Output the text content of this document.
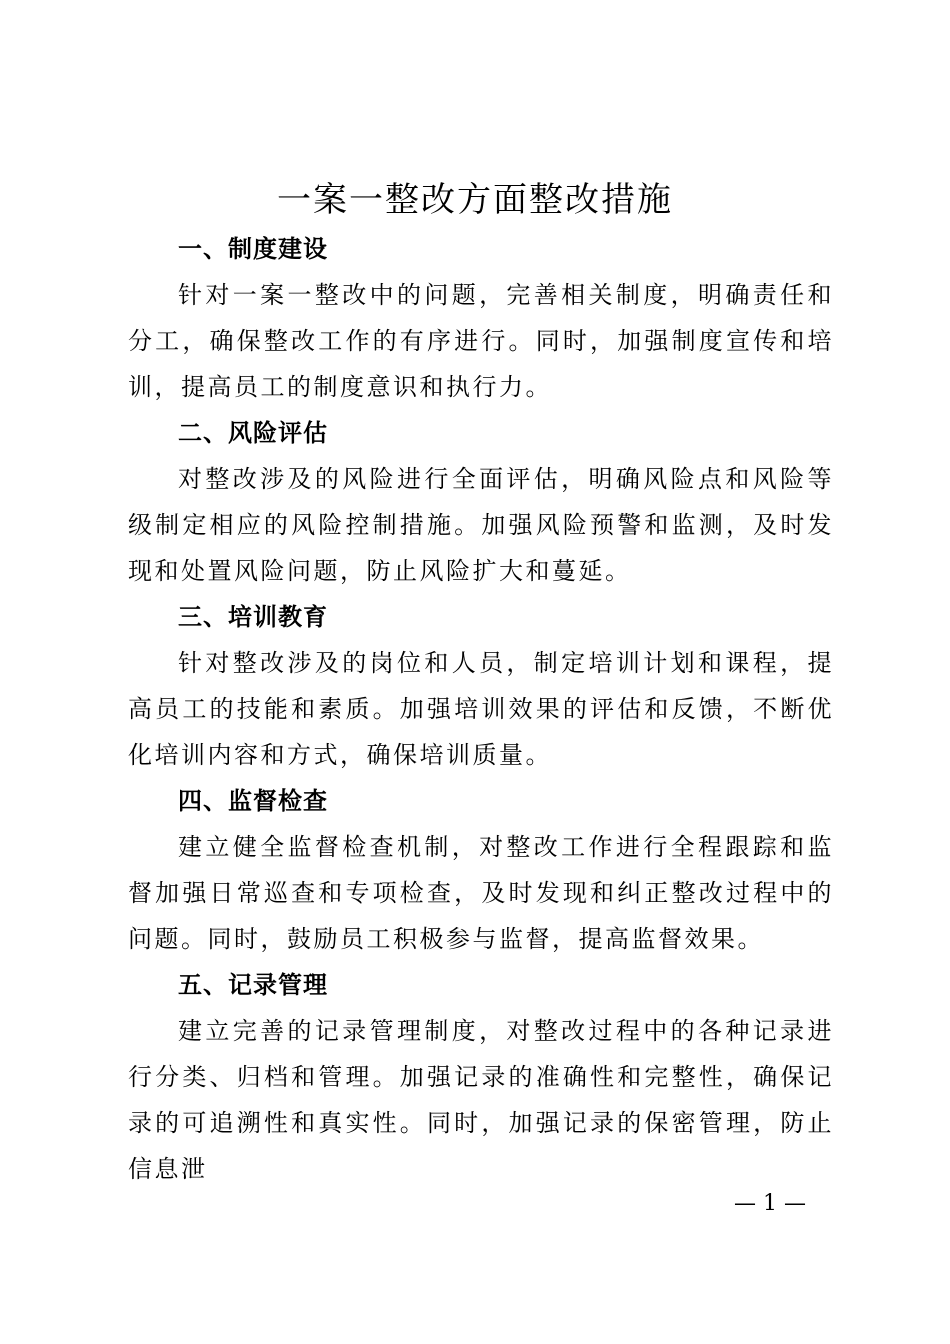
一案一整改方面整改措施
一、制度建设

针对一案一整改中的问题，完善相关制度，明确责任和分工，确保整改工作的有序进行。同时，加强制度宣传和培训，提高员工的制度意识和执行力。

二、风险评估

对整改涉及的风险进行全面评估，明确风险点和风险等级制定相应的风险控制措施。加强风险预警和监测，及时发现和处置风险问题，防止风险扩大和蔓延。

三、培训教育

针对整改涉及的岗位和人员，制定培训计划和课程，提高员工的技能和素质。加强培训效果的评估和反馈，不断优化培训内容和方式，确保培训质量。

四、监督检查

建立健全监督检查机制，对整改工作进行全程跟踪和监督加强日常巡查和专项检查，及时发现和纠正整改过程中的问题。同时，鼓励员工积极参与监督，提高监督效果。

五、记录管理

建立完善的记录管理制度，对整改过程中的各种记录进行分类、归档和管理。加强记录的准确性和完整性，确保记录的可追溯性和真实性。同时，加强记录的保密管理，防止信息泄

— 1 —
